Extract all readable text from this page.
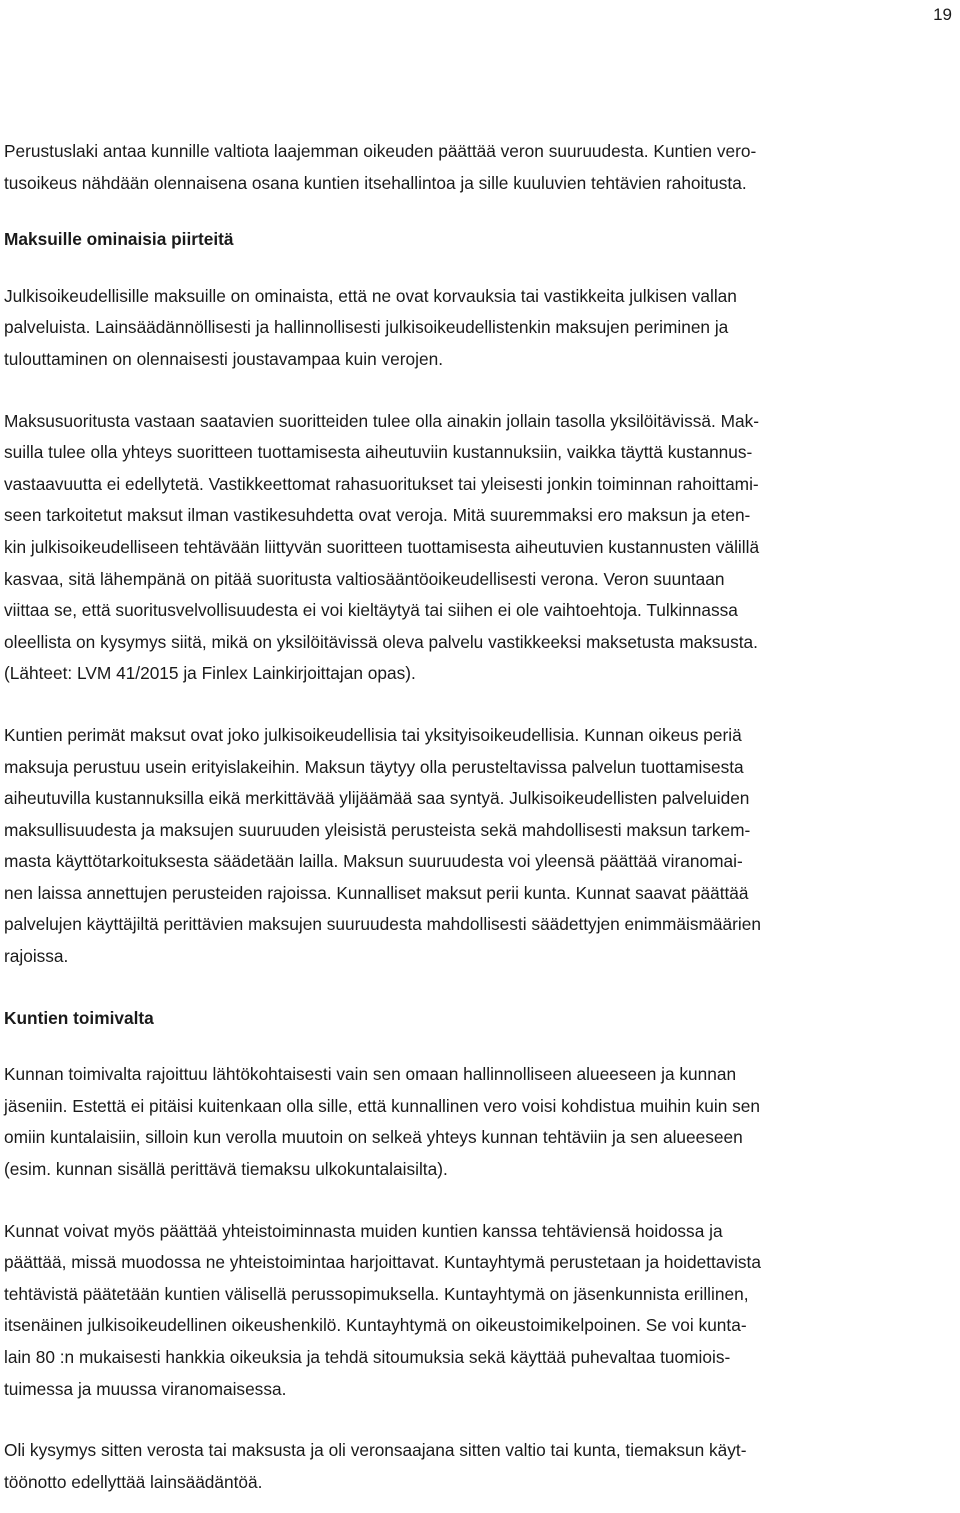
19
Perustuslaki antaa kunnille valtiota laajemman oikeuden päättää veron suuruudesta. Kuntien vero-
tusoikeus nähdään olennaisena osana kuntien itsehallintoa ja sille kuuluvien tehtävien rahoitusta.
Maksuille ominaisia piirteitä
Julkisoikeudellisille maksuille on ominaista, että ne ovat korvauksia tai vastikkeita julkisen vallan
palveluista. Lainsäädännöllisesti ja hallinnollisesti julkisoikeudellistenkin maksujen periminen ja
tulouttaminen on olennaisesti joustavampaa kuin verojen.
Maksusuoritusta vastaan saatavien suoritteiden tulee olla ainakin jollain tasolla yksilöitävissä. Mak-
suilla tulee olla yhteys suoritteen tuottamisesta aiheutuviin kustannuksiin, vaikka täyttä kustannus-
vastaavuutta ei edellytetä. Vastikkeettomat rahasuoritukset tai yleisesti jonkin toiminnan rahoittami-
seen tarkoitetut maksut ilman vastikesuhdetta ovat veroja. Mitä suuremmaksi ero maksun ja eten-
kin julkisoikeudelliseen tehtävään liittyvän suoritteen tuottamisesta aiheutuvien kustannusten välillä
kasvaa, sitä lähempänä on pitää suoritusta valtiosääntöoikeudellisesti verona. Veron suuntaan
viittaa se, että suoritusvelvollisuudesta ei voi kieltäytyä tai siihen ei ole vaihtoehtoja. Tulkinnassa
oleellista on kysymys siitä, mikä on yksilöitävissä oleva palvelu vastikkeeksi maksetusta maksusta.
(Lähteet: LVM 41/2015 ja Finlex Lainkirjoittajan opas).
Kuntien perimät maksut ovat joko julkisoikeudellisia tai yksityisoikeudellisia. Kunnan oikeus periä
maksuja perustuu usein erityislakeihin. Maksun täytyy olla perusteltavissa palvelun tuottamisesta
aiheutuvilla kustannuksilla eikä merkittävää ylijäämää saa syntyä. Julkisoikeudellisten palveluiden
maksullisuudesta ja maksujen suuruuden yleisistä perusteista sekä mahdollisesti maksun tarkem-
masta käyttötarkoituksesta säädetään lailla. Maksun suuruudesta voi yleensä päättää viranomai-
nen laissa annettujen perusteiden rajoissa. Kunnalliset maksut perii kunta. Kunnat saavat päättää
palvelujen käyttäjiltä perittävien maksujen suuruudesta mahdollisesti säädettyjen enimmäismäärien
rajoissa.
Kuntien toimivalta
Kunnan toimivalta rajoittuu lähtökohtaisesti vain sen omaan hallinnolliseen alueeseen ja kunnan
jäseniin. Estettä ei pitäisi kuitenkaan olla sille, että kunnallinen vero voisi kohdistua muihin kuin sen
omiin kuntalaisiin, silloin kun verolla muutoin on selkeä yhteys kunnan tehtäviin ja sen alueeseen
(esim. kunnan sisällä perittävä tiemaksu ulkokuntalaisilta).
Kunnat voivat myös päättää yhteistoiminnasta muiden kuntien kanssa tehtäviensä hoidossa ja
päättää, missä muodossa ne yhteistoimintaa harjoittavat. Kuntayhtymä perustetaan ja hoidettavista
tehtävistä päätetään kuntien välisellä perussopimuksella. Kuntayhtymä on jäsenkunnista erillinen,
itsenäinen julkisoikeudellinen oikeushenkilö. Kuntayhtymä on oikeustoimikelpoinen. Se voi kunta-
lain 80 :n mukaisesti hankkia oikeuksia ja tehdä sitoumuksia sekä käyttää puhevaltaa tuomiois-
tuimessa ja muussa viranomaisessa.
Oli kysymys sitten verosta tai maksusta ja oli veronsaajana sitten valtio tai kunta, tiemaksun käyt-
töönotto edellyttää lainsäädäntöä.
